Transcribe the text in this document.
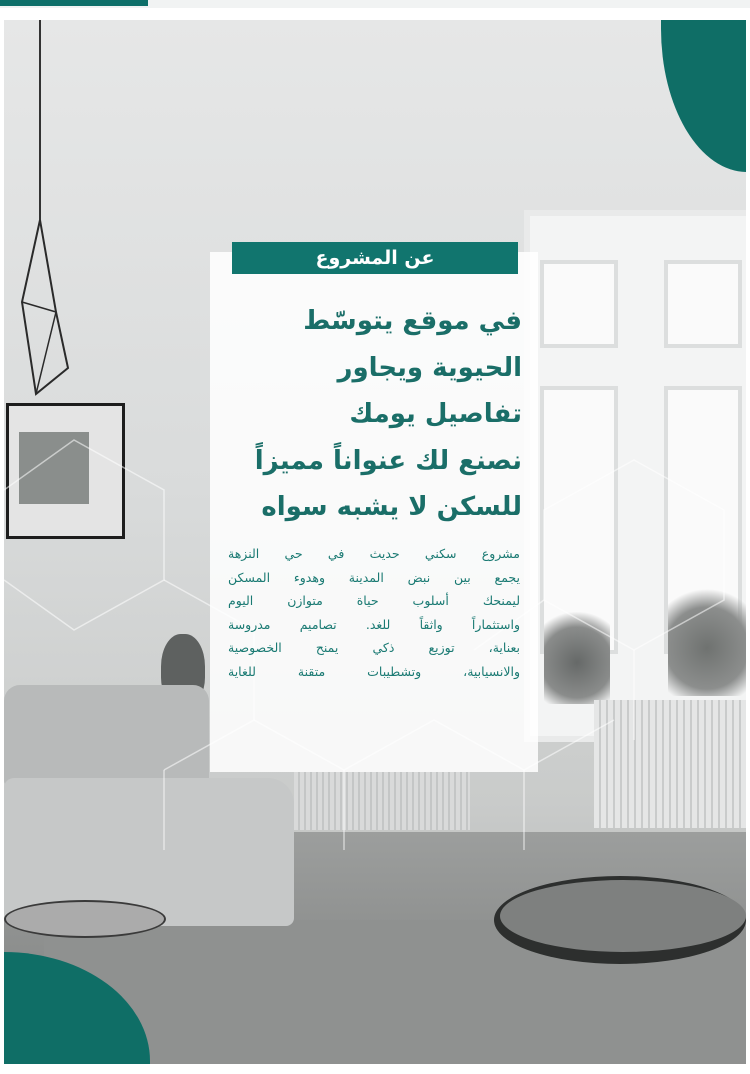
عن المشروع
في موقع يتوسّط
الحيوية ويجاور
تفاصيل يومك
نصنع لك عنواناً مميزاً
للسكن لا يشبه سواه
مشروع سكني حديث في حي النزهة
يجمع بين نبض المدينة وهدوء المسكن
ليمنحك أسلوب حياة متوازن اليوم
واستثماراً واثقاً للغد. تصاميم مدروسة
بعناية، توزيع ذكي يمنح الخصوصية
والانسيابية، وتشطيبات متقنة للغاية
